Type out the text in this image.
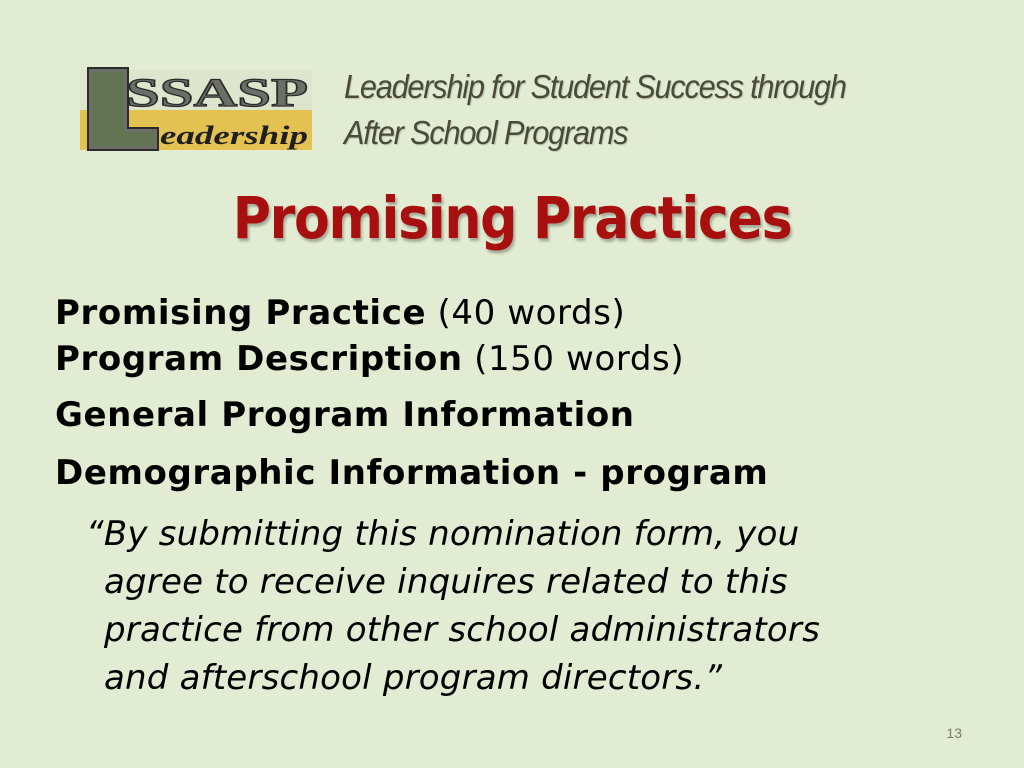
SSASP
eadership
Leadership for Student Success through
After School Programs
Promising Practices
Promising Practice (40 words)
Program Description (150 words)
General Program Information
Demographic Information - program
“By submitting this nomination form, you
agree to receive inquires related to this
practice from other school administrators
and afterschool program directors.”
13
